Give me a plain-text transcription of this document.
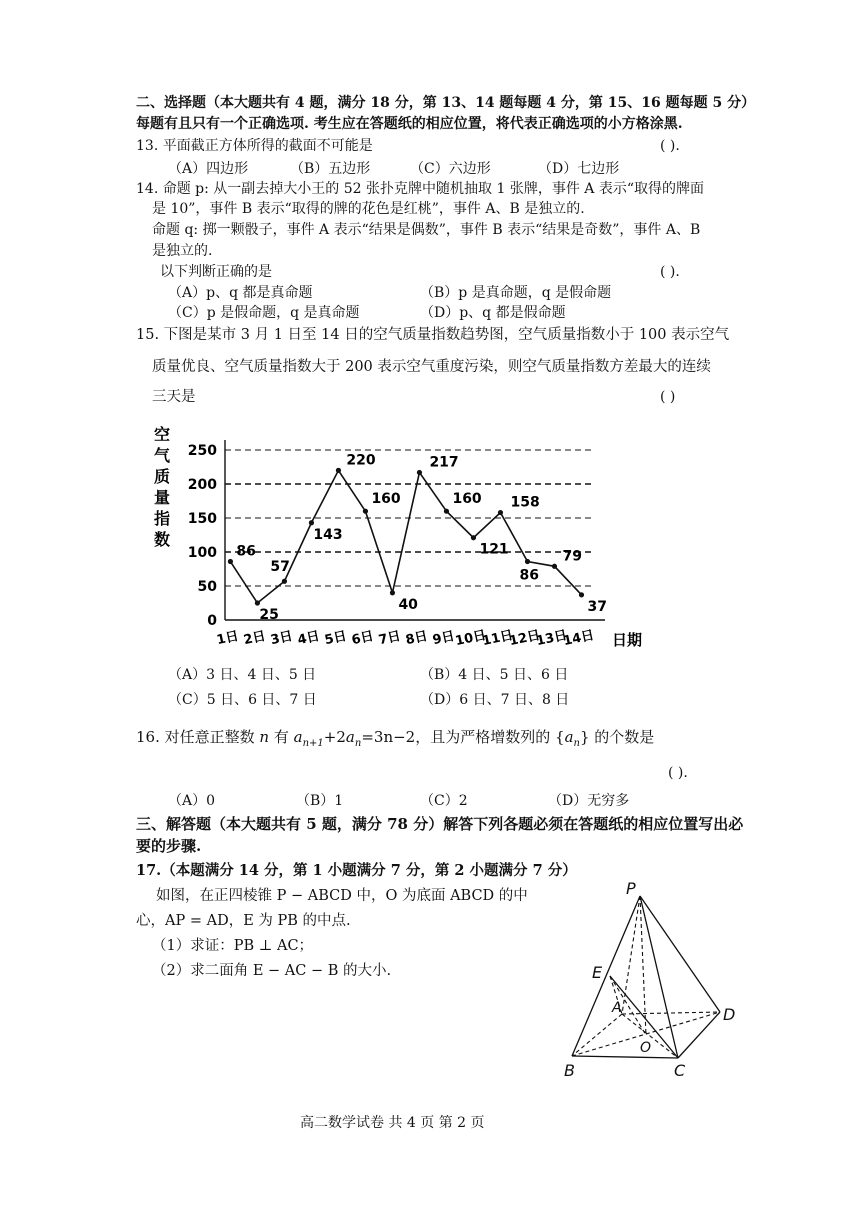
二、选择题（本大题共有 4 题，满分 18 分，第 13、14 题每题 4 分，第 15、16 题每题 5 分）
每题有且只有一个正确选项. 考生应在答题纸的相应位置，将代表正确选项的小方格涂黑.
13. 平面截正方体所得的截面不可能是	( ).
（A）四边形	（B）五边形	（C）六边形	（D）七边形
14. 命题 p: 从一副去掉大小王的 52 张扑克牌中随机抽取 1 张牌，事件 A 表示“取得的牌面
是 10”，事件 B 表示“取得的牌的花色是红桃”，事件 A、B 是独立的.
命题 q: 掷一颗骰子，事件 A 表示“结果是偶数”，事件 B 表示“结果是奇数”，事件 A、B
是独立的.
以下判断正确的是	( ).
（A）p、q 都是真命题	（B）p 是真命题，q 是假命题
（C）p 是假命题，q 是真命题	（D）p、q 都是假命题
15. 下图是某市 3 月 1 日至 14 日的空气质量指数趋势图，空气质量指数小于 100 表示空气
质量优良、空气质量指数大于 200 表示空气重度污染，则空气质量指数方差最大的连续
三天是	( )
空
气
质
量
指
数
0
50
100
150
200
250
1日 2日 3日 4日 5日 6日 7日 8日 9日
10日
11日
12日
13日
14日
86
25
57
143
220
160
40
217
160
121
158
86
79
37
日期
（A）3 日、4 日、5 日	（B）4 日、5 日、6 日
（C）5 日、6 日、7 日	（D）6 日、7 日、8 日
16. 对任意正整数 n 有 $a_{n+1}+2a_n=3n-2$，且为严格增数列的 $\{a_n\}$ 的个数是
( ).
（A）0	（B）1	（C）2	（D）无穷多
三、解答题（本大题共有 5 题，满分 78 分）解答下列各题必须在答题纸的相应位置写出必
要的步骤.
17.（本题满分 14 分，第 1 小题满分 7 分，第 2 小题满分 7 分）
如图，在正四棱锥 P − ABCD 中，O 为底面 ABCD 的中
心，AP = AD，E 为 PB 的中点.
（1）求证：PB ⊥ AC；
（2）求二面角 E − AC − B 的大小.
P
E
A	D
O
B	C
高二数学试卷 共 4 页 第 2 页
